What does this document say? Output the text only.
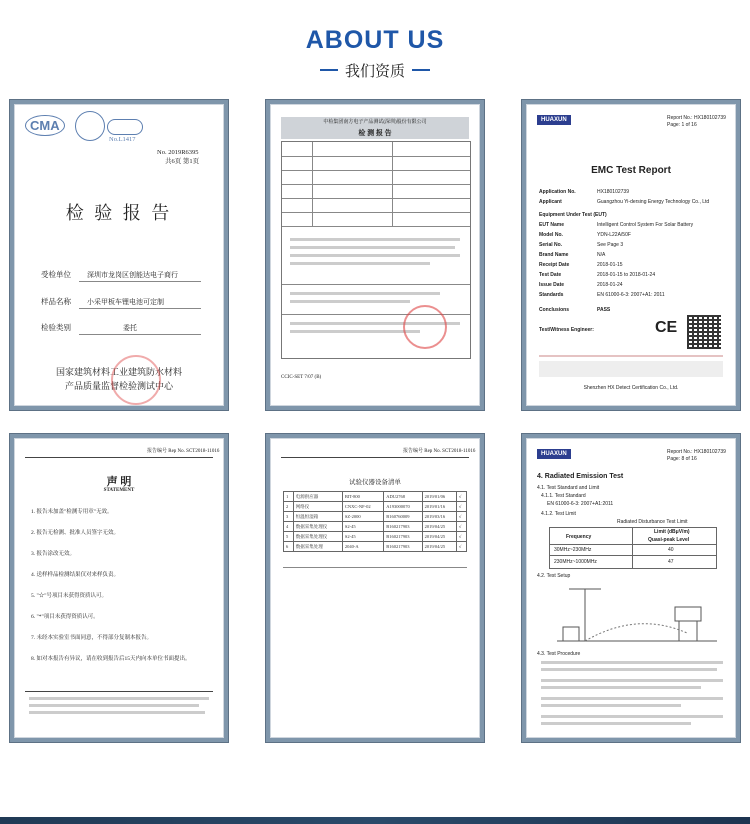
ABOUT US
我们资质
CMA
No.L1417
No. 2019R6395
共6页 第1页
检 验 报 告
受检单位 深圳市龙岗区创能达电子商行
样品名称 小采甲板车锂电池可定制
检验类别	委托
国家建筑材料工业建筑防水材料
产品质量监督检验测试中心
中检集团南方电子产品测试(深圳)股份有限公司
检 测 报 告
CCIC-SET 7/07 (B)
HUAXUN	Report No.: HX180102739
Page: 1 of 16
EMC Test Report
Application No.	HX180102739
Applicant	Guangzhou Yi-dersing Energy Technology Co., Ltd
Equipment Under Test (EUT)
EUT Name	Intelligent Control System For Solar Battery
Model No.	YDN-L22A/50F
Serial No.	See Page 3
Brand Name	N/A
Receipt Date	2018-01-15
Test Date	2018-01-15 to 2018-01-24
Issue Date	2018-01-24
Standards	EN 61000-6-3: 2007+A1: 2011
Conclusions	PASS
Test/Witness Engineer:	CE
Shenzhen HX Detect Certification Co., Ltd.
报告编号 Rep No. SCT2018-11016
声 明
STATEMENT

1. 报告未加盖"检测专用章"无效。

2. 报告无检测、批准人员签字无效。

3. 报告涂改无效。

4. 送样样品检测结果仅对来样负责。

5. "☆"号项目未获得资质认可。

6. "*"项目未获得资质认可。

7. 未经本实验室书面同意，不得部分复制本报告。

8. 如对本报告有异议，请在收到报告后15天内向本单位书面提出。

报告编号 Rep No. SCT2018-11016
试验仪器设备清单
1	电源供应器	BIT-800	ADU2768	2019/01/06	√
2	网络仪	CNXC-NF-02	A193000070	2019/01/16	√
3	恒温恒湿箱	SZ-2000	B160760009	2019/03/16	√
4	数据采集处理仪	S2-45	B160217903	2019/04/25	√
5	数据采集处理仪	S2-45	B160217903	2019/04/25	√
6	数据采集处理	2040-A	B160217903	2019/04/25	√
HUAXUN	Report No.: HX180102739
Page: 8 of 16
4. Radiated Emission Test
4.1. Test Standard and Limit
4.1.1. Test Standard
EN 61000-6-3: 2007+A1:2011
4.1.2. Test Limit
Radiated Disturbance Test Limit
Frequency
Limit (dBμV/m)
Quasi-peak Level
30MHz~230MHz	40
230MHz~1000MHz	47
4.2. Test Setup
4.3. Test Procedure
